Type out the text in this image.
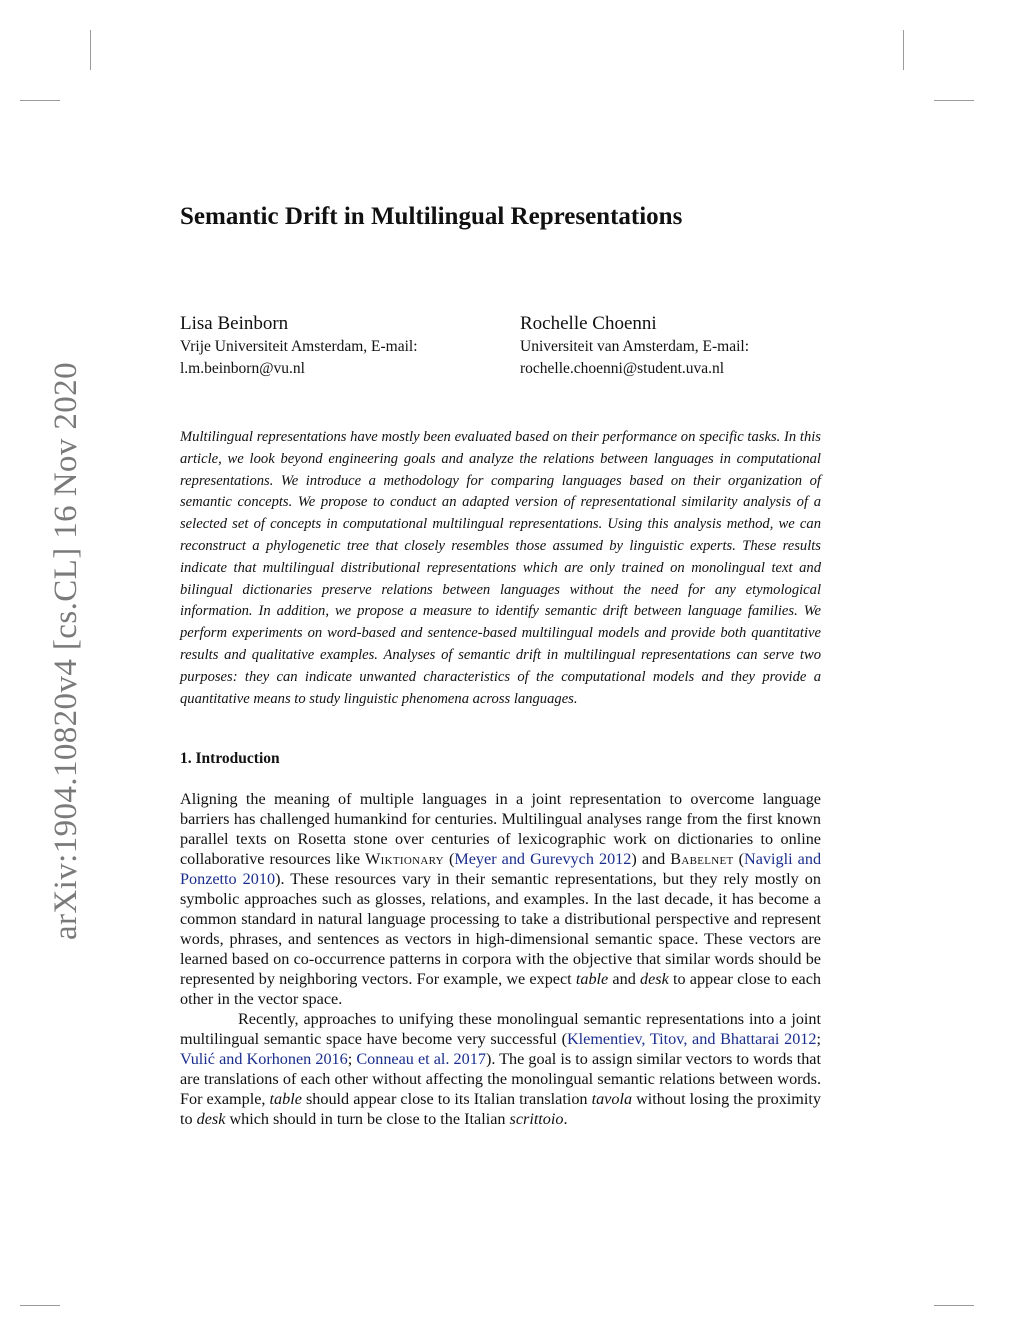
arXiv:1904.10820v4 [cs.CL] 16 Nov 2020
Semantic Drift in Multilingual Representations
Lisa Beinborn
Vrije Universiteit Amsterdam, E-mail:
l.m.beinborn@vu.nl
Rochelle Choenni
Universiteit van Amsterdam, E-mail:
rochelle.choenni@student.uva.nl

Multilingual representations have mostly been evaluated based on their performance on specific tasks. In this article, we look beyond engineering goals and analyze the relations between languages in computational representations. We introduce a methodology for comparing languages based on their organization of semantic concepts. We propose to conduct an adapted version of representational similarity analysis of a selected set of concepts in computational multilingual representations. Using this analysis method, we can reconstruct a phylogenetic tree that closely resembles those assumed by linguistic experts. These results indicate that multilingual distributional representations which are only trained on monolingual text and bilingual dictionaries preserve relations between languages without the need for any etymological information. In addition, we propose a measure to identify semantic drift between language families. We perform experiments on word-based and sentence-based multilingual models and provide both quantitative results and qualitative examples. Analyses of semantic drift in multilingual representations can serve two purposes: they can indicate unwanted characteristics of the computational models and they provide a quantitative means to study linguistic phenomena across languages.

1. Introduction

Aligning the meaning of multiple languages in a joint representation to overcome language barriers has challenged humankind for centuries. Multilingual analyses range from the first known parallel texts on Rosetta stone over centuries of lexicographic work on dictionaries to online collaborative resources like Wiktionary (Meyer and Gurevych 2012) and Babelnet (Navigli and Ponzetto 2010). These resources vary in their semantic representations, but they rely mostly on symbolic approaches such as glosses, relations, and examples. In the last decade, it has become a common standard in natural language processing to take a distributional perspective and represent words, phrases, and sentences as vectors in high-dimensional semantic space. These vectors are learned based on co-occurrence patterns in corpora with the objective that similar words should be represented by neighboring vectors. For example, we expect table and desk to appear close to each other in the vector space.

Recently, approaches to unifying these monolingual semantic representations into a joint multilingual semantic space have become very successful (Klementiev, Titov, and Bhattarai 2012; Vulić and Korhonen 2016; Conneau et al. 2017). The goal is to assign similar vectors to words that are translations of each other without affecting the monolingual semantic relations between words. For example, table should appear close to its Italian translation tavola without losing the proximity to desk which should in turn be close to the Italian scrittoio.
